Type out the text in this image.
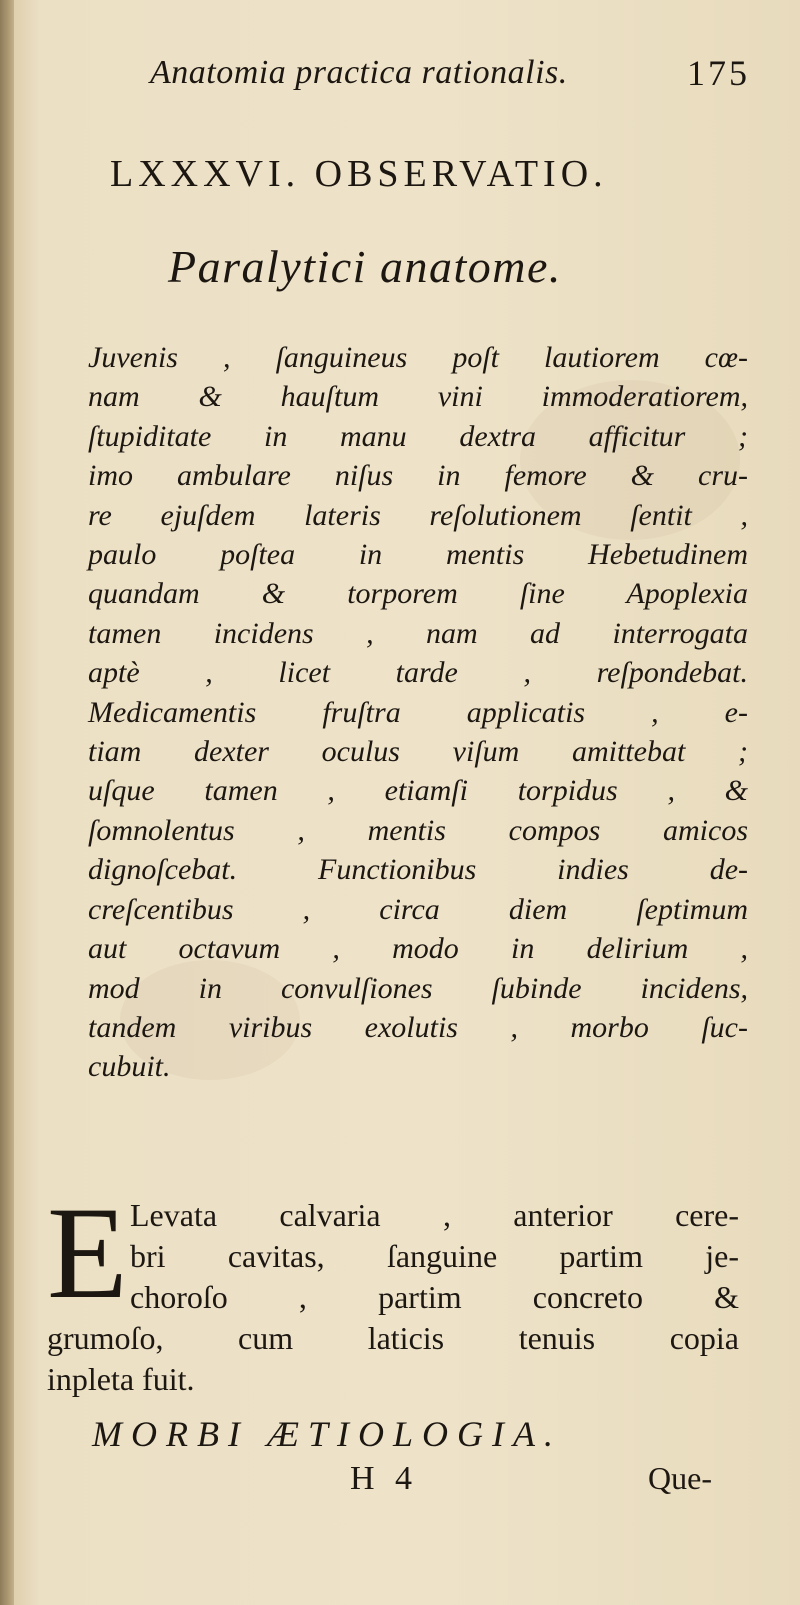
Anatomia practica rationalis.	175
LXXXVI. OBSERVATIO.
Paralytici anatome.
Juvenis , ſanguineus poſt lautiorem cœ-
nam & hauſtum vini immoderatiorem,
ſtupiditate in manu dextra afficitur ;
imo ambulare niſus in femore & cru-
re ejuſdem lateris reſolutionem ſentit ,
paulo poſtea in mentis Hebetudinem
quandam & torporem ſine Apoplexia
tamen incidens , nam ad interrogata
aptè , licet tarde , reſpondebat.
Medicamentis fruſtra applicatis , e-
tiam dexter oculus viſum amittebat ;
uſque tamen , etiamſi torpidus , &
ſomnolentus , mentis compos amicos
dignoſcebat. Functionibus indies de-
creſcentibus , circa diem ſeptimum
aut octavum , modo in delirium ,
mod in convulſiones ſubinde incidens,
tandem viribus exolutis , morbo ſuc-
cubuit.
E Levata calvaria , anterior cere-
bri cavitas, ſanguine partim je-
choroſo , partim concreto &
grumoſo, cum laticis tenuis copia
inpleta fuit.
MORBI ÆTIOLOGIA.
H 4	Que-
